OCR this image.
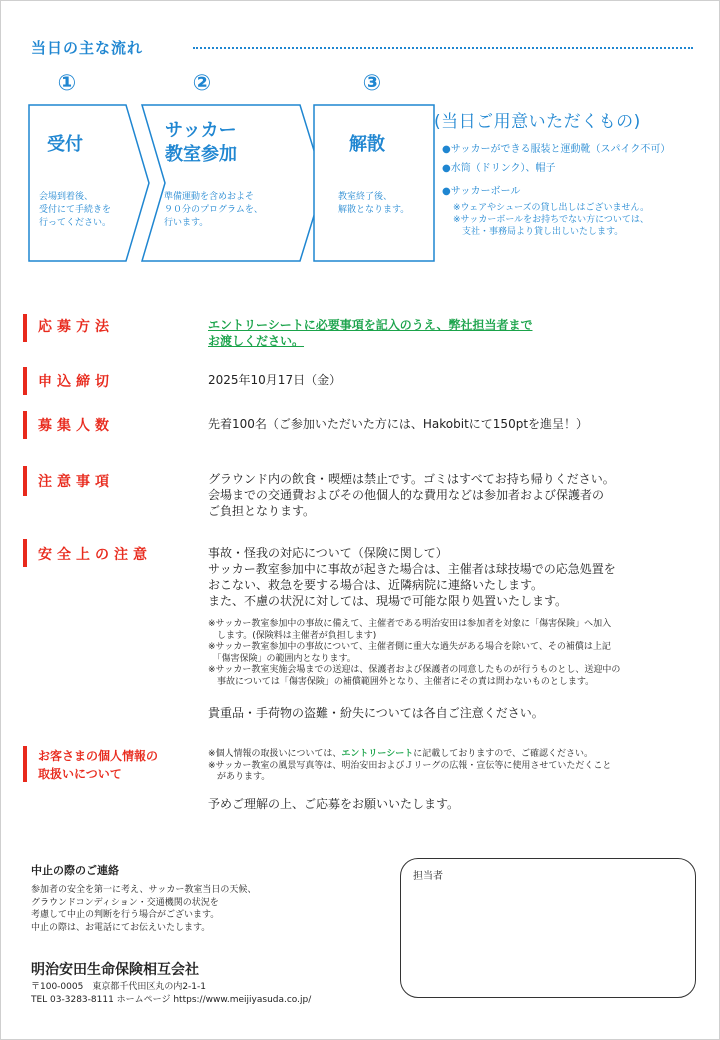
当日の主な流れ
①	②	③
受付
サッカー
教室参加	解散
会場到着後、
受付にて手続きを
行ってください。
準備運動を含めおよそ
９０分のプログラムを、
行います。
教室終了後、
解散となります。
(当日ご用意いただくもの)
●サッカーができる服装と運動靴（スパイク不可）
●水筒（ドリンク）、帽子
●サッカーボール
※ウェアやシューズの貸し出しはございません。
※サッカーボールをお持ちでない方については、
　支社・事務局より貸し出しいたします。
応募方法	エントリーシートに必要事項を記入のうえ、弊社担当者まで
お渡しください。
申込締切	2025年10月17日（金）
募集人数	先着100名（ご参加いただいた方には、Hakobitにて150ptを進呈！）
注意事項	グラウンド内の飲食・喫煙は禁止です。ゴミはすべてお持ち帰りください。
会場までの交通費およびその他個人的な費用などは参加者および保護者の
ご負担となります。
安全上の注意	事故・怪我の対応について（保険に関して）
サッカー教室参加中に事故が起きた場合は、主催者は球技場での応急処置を
おこない、救急を要する場合は、近隣病院に連絡いたします。
また、不慮の状況に対しては、現場で可能な限り処置いたします。
※サッカー教室参加中の事故に備えて、主催者である明治安田は参加者を対象に「傷害保険」へ加入
　します。(保険料は主催者が負担します)
※サッカー教室参加中の事故について、主催者側に重大な過失がある場合を除いて、その補償は上記
　「傷害保険」の範囲内となります。
※サッカー教室実施会場までの送迎は、保護者および保護者の同意したものが行うものとし、送迎中の
　事故については「傷害保険」の補償範囲外となり、主催者にその責は問わないものとします。
貴重品・手荷物の盗難・紛失については各自ご注意ください。
お客さまの個人情報の
取扱いについて
※個人情報の取扱いについては、エントリーシートに記載しておりますので、ご確認ください。
※サッカー教室の風景写真等は、明治安田およびＪリーグの広報・宣伝等に使用させていただくこと
　があります。
予めご理解の上、ご応募をお願いいたします。
中止の際のご連絡
参加者の安全を第一に考え、サッカー教室当日の天候、
グラウンドコンディション・交通機関の状況を
考慮して中止の判断を行う場合がございます。
中止の際は、お電話にてお伝えいたします。
明治安田生命保険相互会社
〒100-0005　東京都千代田区丸の内2-1-1
TEL 03-3283-8111 ホームページ https://www.meijiyasuda.co.jp/
担当者
